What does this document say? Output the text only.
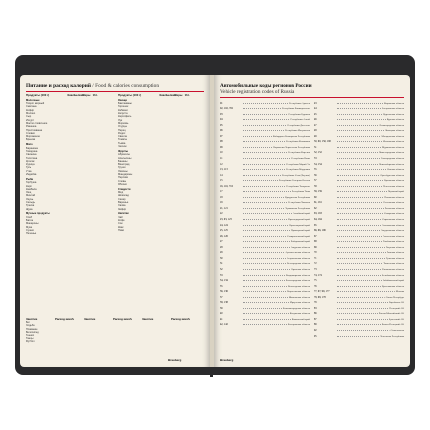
Питание и расход калорий / Food & calories consumption
Продукты (100 г)	Ккал Белки Жиры Угл.
Молочные
Творог жирный
Сметана
Кефир
Молоко
Сыр
Йогурт
Масло сливочное
Ряженка
Простокваша
Сливки
Мороженое
Брынза
Мясо
Баранина
Говядина
Свинина
Телятина
Кролик
Курица
Гусь
Утка
Индейка
Рыба
Горбуша
Карп
Камбала
Лещ
Минтай
Окунь
Сельдь
Треска
Щука
Мучные продукты
Хлеб
Батон
Макароны
Мука
Сушки
Печенье
Продукты (100 г)	Ккал Белки Жиры Угл.
Овощи
Баклажаны
Горошек
Кабачки
Капуста
Картофель
Лук
Морковь
Огурцы
Перец
Редис
Свекла
Томаты
Тыква
Чеснок
Фрукты
Абрикосы
Апельсины
Бананы
Виноград
Груши
Лимоны
Мандарины
Персики
Сливы
Яблоки
Сладости
Мёд
Шоколад
Сахар
Варенье
Халва
Зефир
Напитки
Чай
Кофе
Сок
Квас
Пиво
Занятие	Расход ккал/ч	Занятие	Расход ккал/ч	Занятие	Расход ккал/ч
Бег
Ходьба
Плавание
Велосипед
Теннис
Танцы
Футбол
Brauberg
Автомобильные коды регионов России
Vehicle registration codes of Russia
01	Республика Адыгея
02, 102, 702	Республика Башкортостан
03	Республика Бурятия
04	Республика Алтай
05	Республика Дагестан
06	Республика Ингушетия
07	Кабардино-Балкарская Республика
08	Республика Калмыкия
09	Карачаево-Черкесская Республика
10	Республика Карелия
11	Республика Коми
12	Республика Марий Эл
13, 113	Республика Мордовия
14	Республика Саха (Якутия)
15	Республика Северная Осетия
16, 116, 716	Республика Татарстан
17	Республика Тыва
18	Удмуртская Республика
19	Республика Хакасия
21, 121	Чувашская Республика
22	Алтайский край
23, 93, 123	Краснодарский край
24, 124	Красноярский край
25, 125	Приморский край
26, 126	Ставропольский край
27	Хабаровский край
28	Амурская область
29	Архангельская область
30	Астраханская область
31	Белгородская область
32	Брянская область
33	Владимирская область
34, 134	Волгоградская область
35	Вологодская область
36, 136	Воронежская область
37	Ивановская область
38, 138	Иркутская область
39	Калининградская область
40	Калужская область
41	Камчатский край
42, 142	Кемеровская область
43	Кировская область
44	Костромская область
45	Курганская область
46	Курская область
47	Ленинградская область
48	Липецкая область
49	Магаданская область
50, 90, 150, 190	Московская область
51	Мурманская область
52, 152	Нижегородская область
53	Новгородская область
54, 154	Новосибирская область
55	Омская область
56	Оренбургская область
57	Орловская область
58	Пензенская область
59, 159	Пермский край
60	Псковская область
61, 161	Ростовская область
62	Рязанская область
63, 163	Самарская область
64, 164	Саратовская область
65	Сахалинская область
66, 96, 196	Свердловская область
67	Смоленская область
68	Тамбовская область
69	Тверская область
70	Томская область
71	Тульская область
72	Тюменская область
73	Ульяновская область
74, 174	Челябинская область
75	Забайкальский край
76	Ярославская область
77, 97, 99, 177	г. Москва
78, 98, 178	г. Санкт-Петербург
79	Еврейская АО
83	Ненецкий АО
86	Ханты-Мансийский АО
87	Чукотский АО
89	Ямало-Ненецкий АО
92	г. Севастополь
95	Чеченская Республика
Brauberg
